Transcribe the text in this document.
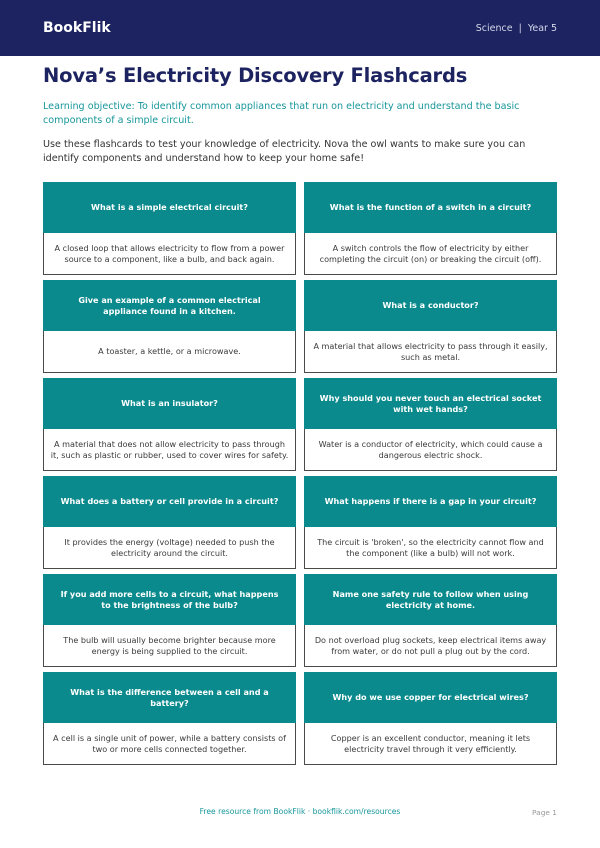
BookFlik	Science | Year 5
Nova’s Electricity Discovery Flashcards

Learning objective: To identify common appliances that run on electricity and understand the basic components of a simple circuit.

Use these flashcards to test your knowledge of electricity. Nova the owl wants to make sure you can identify components and understand how to keep your home safe!

What is a simple electrical circuit?
A closed loop that allows electricity to flow from a power source to a component, like a bulb, and back again.
What is the function of a switch in a circuit?
A switch controls the flow of electricity by either completing the circuit (on) or breaking the circuit (off).
Give an example of a common electrical appliance found in a kitchen.
A toaster, a kettle, or a microwave.
What is a conductor?
A material that allows electricity to pass through it easily, such as metal.
What is an insulator?
A material that does not allow electricity to pass through it, such as plastic or rubber, used to cover wires for safety.
Why should you never touch an electrical socket with wet hands?
Water is a conductor of electricity, which could cause a dangerous electric shock.
What does a battery or cell provide in a circuit?
It provides the energy (voltage) needed to push the electricity around the circuit.
What happens if there is a gap in your circuit?
The circuit is 'broken', so the electricity cannot flow and the component (like a bulb) will not work.
If you add more cells to a circuit, what happens to the brightness of the bulb?
The bulb will usually become brighter because more energy is being supplied to the circuit.
Name one safety rule to follow when using electricity at home.
Do not overload plug sockets, keep electrical items away from water, or do not pull a plug out by the cord.
What is the difference between a cell and a battery?
A cell is a single unit of power, while a battery consists of two or more cells connected together.
Why do we use copper for electrical wires?
Copper is an excellent conductor, meaning it lets electricity travel through it very efficiently.
Free resource from BookFlik · bookflik.com/resources	Page 1
